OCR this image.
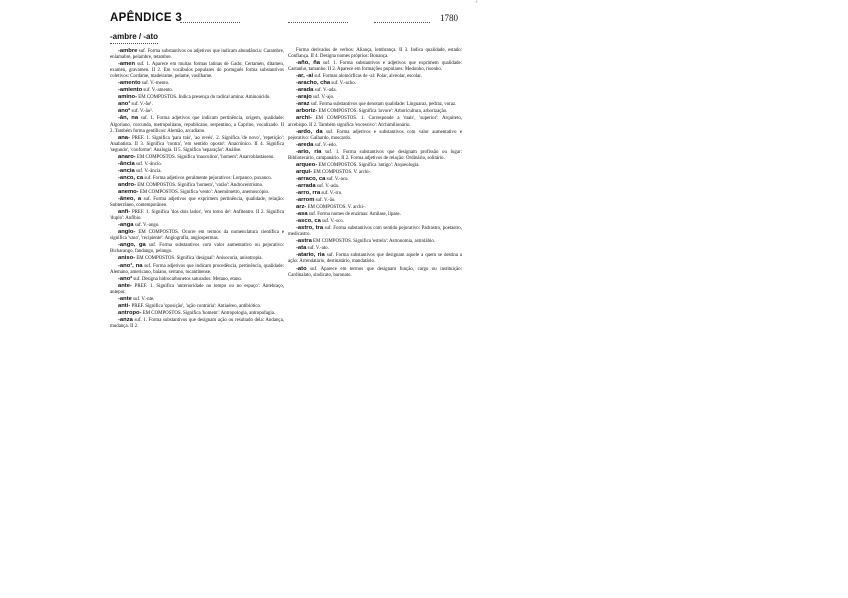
APÊNDICE 3	1780
-ambre / -ato

-ambre suf. Forma substantivos ou adjetivos que indicam abundância: Carambre, enlamabre, pelambre, tetambre.

-amen suf. 1. Aparece em muitas formas latinas de Gado: Certamen, ditamen, examen, gravamen. II 2. Em vocábulos populares do português forma substantivos coletivos: Cordame, madeirame, pelame, vasilhame.

-amento suf. V.-mento.

-amiento suf. V.-amento.

amino- EM COMPOSTOS. Indica presença do radical amina: Aminoácido.

ano¹ suf. V.-ão¹.

ano² suf. V.-ão².

-ân, na suf. 1. Forma adjetivos que indicam pertinência, origem, qualidade: Algoriano, corcunda, metropolitano, republicano, serpentino, a Caprino, vocalizado. II 2. Também forma gentílicos: Alemão, arcadiano.

ana- PREF. 1. Significa 'para trás', 'ao revés'. 2. Significa 'de novo', 'repetição': Anabatista. II 3. Significa 'contra', 'em sentido oposto': Anacrônico. II 4. Significa 'segundo', 'conforme': Analogia. II 5. Significa 'separação': Análise.

anaro- EM COMPOSTOS. Significa 'masculino', 'homem': Anarroblastaseno.

-ância suf. V.-âncio.

-ancia suf. V.-ância.

-anco, ca suf. Forma adjetivos geralmente pejorativos: Lorpanco, puxanco.

andro- EM COMPOSTOS. Significa 'homem', 'varão': Androcentrismo.

anemo- EM COMPOSTOS. Significa 'vento': Anemômetro, anemoscópio.

-âneo, a suf. Forma adjetivos que exprimem pertinência, qualidade, relação: Subterrâneo, contemporâneo.

anfi- PREF. 1. Significa 'dos dois lados', 'em torno de': Anfiteatro. II 2. Significa 'duplo': Anfíbio.

-anga suf. V.-ango.

angio- EM COMPOSTOS. Ocorre em termos da nomenclatura científica e significa 'vaso', 'recipiente': Angiografia, angiospermas.

-ango, ga suf. Forma substantivos com valor aumentativo ou pejorativo: Bicharango, fandango, pelango.

aniso- EM COMPOSTOS. Significa 'desigual': Anisocoria, anisotropia.

-ano¹, na suf. Forma adjetivos que indicam procedência, pertinência, qualidade: Alemano, americano, baiano, serrano, tocantinense.

-ano² suf. Designa hidrocarbonetos saturados: Metano, etano.

ante- PREF. 1. Significa 'anterioridade no tempo ou no espaço': Antebraço, antepor.

-ante suf. V.-nte.

anti- PREF. Significa 'oposição', 'ação contrária': Antiaéreo, antibiótico.

antropo- EM COMPOSTOS. Significa 'homem': Antropologia, antropofagia.

-anza suf. 1. Forma substantivos que designam ação ou resultado dela: Andança, mudança. II 2.

Forma derivados de verbos: Aliança, lembrança. II 3. Indica qualidade, estado: Confiança. II 4. Designa nomes próprios: Bonança.

-año, ña suf. 1. Forma substantivos e adjetivos que exprimem qualidade: Castanho, tamanho. II 2. Aparece em formações populares: Medonho, risonho.

-ar, -ai suf. Formas alomórficas de -al: Polar, alveolar, escolar.

-aracho, cha suf. V.-acho.

-arada suf. V.-ada.

-arajo suf. V.-ajo.

-araz suf. Forma substantivos que denotam qualidade: Linguaraz, pedraz, voraz.

arboriz- EM COMPOSTOS. Significa 'árvore': Arboricultura, arborização.

archi- EM COMPOSTOS. 1. Corresponde a 'mais', 'superior': Arquiteto, arcebispo. II 2. Também significa 'excessivo': Archimilionário.

-ardo, da suf. Forma adjetivos e substantivos com valor aumentativo e pejorativo: Galhardo, moscardo.

-areda suf. V.-edo.

-ario, ria suf. 1. Forma substantivos que designam profissão ou lugar: Bibliotecário, campanário. II 2. Forma adjetivos de relação: Ordinário, solitário.

arqueo- EM COMPOSTOS. Significa 'antigo': Arqueologia.

arqui- EM COMPOSTOS. V. archi-.

-arraco, ca suf. V.-aco.

-arrada suf. V.-ada.

-arro, rra suf. V.-rro.

-arrom suf. V.-ão.

arz- EM COMPOSTOS. V. archi-.

-asa suf. Forma nomes de enzimas: Amilase, lipase.

-asco, ca suf. V.-sco.

-astro, tra suf. Forma substantivos com sentido pejorativo: Padrastro, poetastro, medicastro.

-astra EM COMPOSTOS. Significa 'estrela': Astronomia, astrolábio.

-ata suf. V.-ato.

-atario, ria suf. Forma substantivos que designam aquele a quem se destina a ação: Arrendatário, destinatário, mandatário.

-ato suf. Aparece em termos que designam função, cargo ou instituição: Cardinalato, sindicato, baronato.

+
